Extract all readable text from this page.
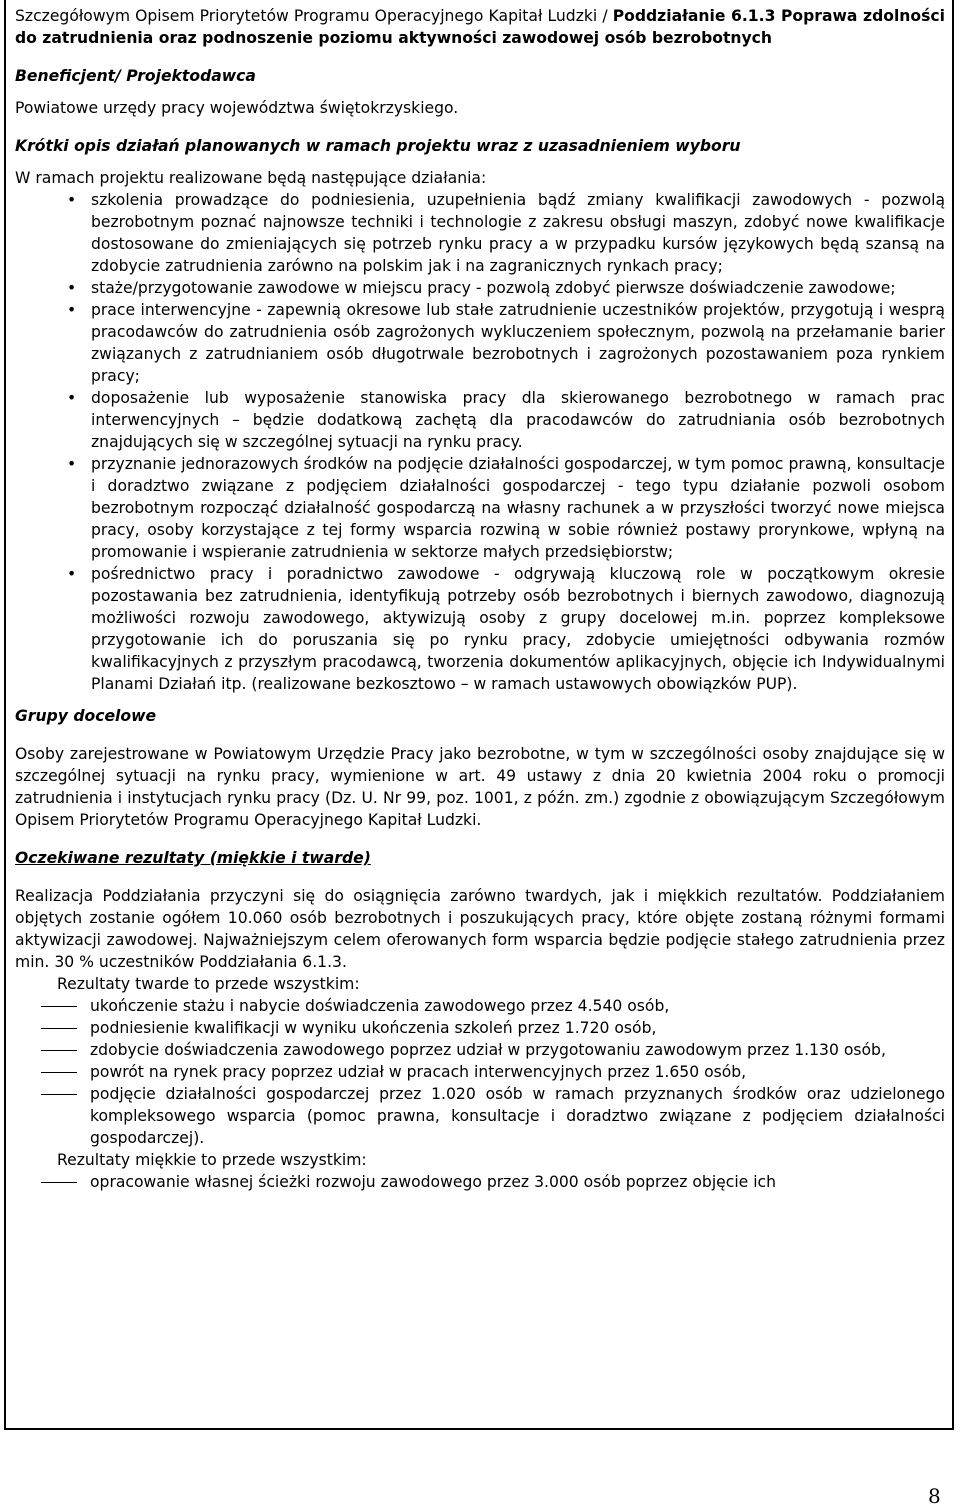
Szczegółowym Opisem Priorytetów Programu Operacyjnego Kapitał Ludzki / Poddziałanie 6.1.3 Poprawa zdolności do zatrudnienia oraz podnoszenie poziomu aktywności zawodowej osób bezrobotnych

Beneficjent/ Projektodawca

Powiatowe urzędy pracy województwa świętokrzyskiego.

Krótki opis działań planowanych w ramach projektu wraz z uzasadnieniem wyboru

W ramach projektu realizowane będą następujące działania:

• szkolenia prowadzące do podniesienia, uzupełnienia bądź zmiany kwalifikacji zawodowych - pozwolą bezrobotnym poznać najnowsze techniki i technologie z zakresu obsługi maszyn, zdobyć nowe kwalifikacje dostosowane do zmieniających się potrzeb rynku pracy a w przypadku kursów językowych będą szansą na zdobycie zatrudnienia zarówno na polskim jak i na zagranicznych rynkach pracy;
• staże/przygotowanie zawodowe w miejscu pracy - pozwolą zdobyć pierwsze doświadczenie zawodowe;
• prace interwencyjne - zapewnią okresowe lub stałe zatrudnienie uczestników projektów, przygotują i wesprą pracodawców do zatrudnienia osób zagrożonych wykluczeniem społecznym, pozwolą na przełamanie barier związanych z zatrudnianiem osób długotrwale bezrobotnych i zagrożonych pozostawaniem poza rynkiem pracy;
• doposażenie lub wyposażenie stanowiska pracy dla skierowanego bezrobotnego w ramach prac interwencyjnych – będzie dodatkową zachętą dla pracodawców do zatrudniania osób bezrobotnych znajdujących się w szczególnej sytuacji na rynku pracy.
• przyznanie jednorazowych środków na podjęcie działalności gospodarczej, w tym pomoc prawną, konsultacje i doradztwo związane z podjęciem działalności gospodarczej - tego typu działanie pozwoli osobom bezrobotnym rozpocząć działalność gospodarczą na własny rachunek a w przyszłości tworzyć nowe miejsca pracy, osoby korzystające z tej formy wsparcia rozwiną w sobie również postawy prorynkowe, wpłyną na promowanie i wspieranie zatrudnienia w sektorze małych przedsiębiorstw;
• pośrednictwo pracy i poradnictwo zawodowe - odgrywają kluczową role w początkowym okresie pozostawania bez zatrudnienia, identyfikują potrzeby osób bezrobotnych i biernych zawodowo, diagnozują możliwości rozwoju zawodowego, aktywizują osoby z grupy docelowej m.in. poprzez kompleksowe przygotowanie ich do poruszania się po rynku pracy, zdobycie umiejętności odbywania rozmów kwalifikacyjnych z przyszłym pracodawcą, tworzenia dokumentów aplikacyjnych, objęcie ich Indywidualnymi Planami Działań itp. (realizowane bezkosztowo – w ramach ustawowych obowiązków PUP).

Grupy docelowe

Osoby zarejestrowane w Powiatowym Urzędzie Pracy jako bezrobotne, w tym w szczególności osoby znajdujące się w szczególnej sytuacji na rynku pracy, wymienione w art. 49 ustawy z dnia 20 kwietnia 2004 roku o promocji zatrudnienia i instytucjach rynku pracy (Dz. U. Nr 99, poz. 1001, z późn. zm.) zgodnie z obowiązującym Szczegółowym Opisem Priorytetów Programu Operacyjnego Kapitał Ludzki.

Oczekiwane rezultaty (miękkie i twarde)

Realizacja Poddziałania przyczyni się do osiągnięcia zarówno twardych, jak i miękkich rezultatów. Poddziałaniem objętych zostanie ogółem 10.060 osób bezrobotnych i poszukujących pracy, które objęte zostaną różnymi formami aktywizacji zawodowej. Najważniejszym celem oferowanych form wsparcia będzie podjęcie stałego zatrudnienia przez min. 30 % uczestników Poddziałania 6.1.3.

Rezultaty twarde to przede wszystkim:

ukończenie stażu i nabycie doświadczenia zawodowego przez 4.540 osób,
podniesienie kwalifikacji w wyniku ukończenia szkoleń przez 1.720 osób,
zdobycie doświadczenia zawodowego poprzez udział w przygotowaniu zawodowym przez 1.130 osób,
powrót na rynek pracy poprzez udział w pracach interwencyjnych przez 1.650 osób,
podjęcie działalności gospodarczej przez 1.020 osób w ramach przyznanych środków oraz udzielonego kompleksowego wsparcia (pomoc prawna, konsultacje i doradztwo związane z podjęciem działalności gospodarczej).

Rezultaty miękkie to przede wszystkim:

opracowanie własnej ścieżki rozwoju zawodowego przez 3.000 osób poprzez objęcie ich
8
